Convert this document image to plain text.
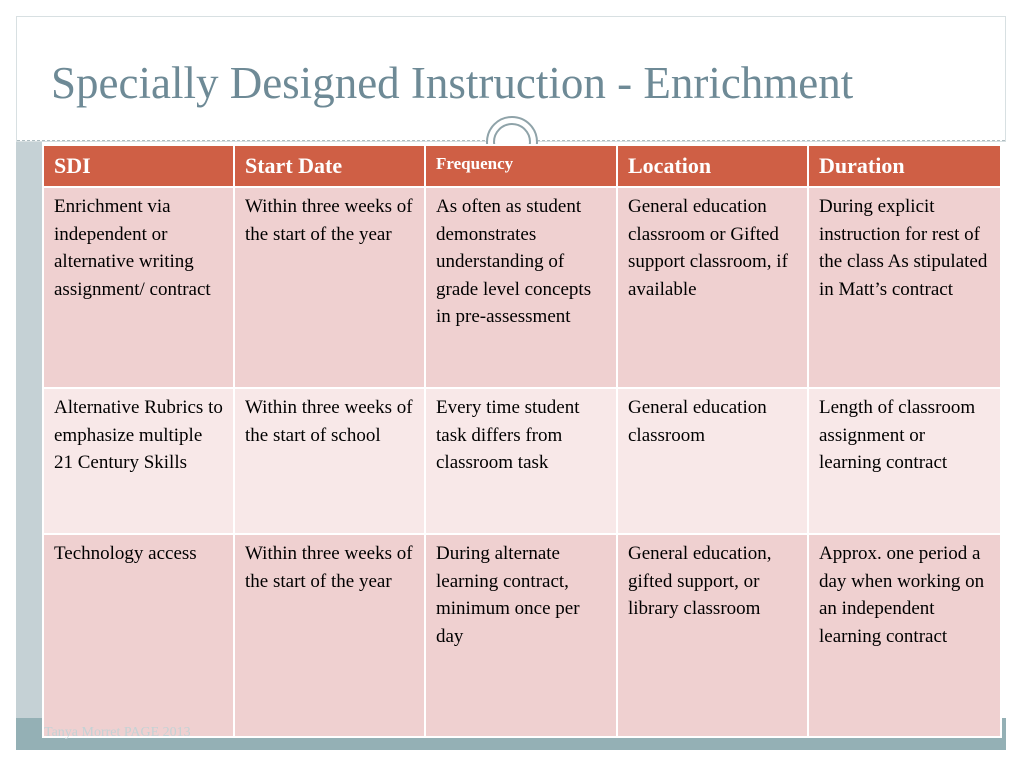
Specially Designed Instruction - Enrichment
SDI	Start Date	Frequency	Location	Duration
Enrichment via independent or alternative writing assignment/ contract	Within three weeks of the start of the year	As often as student demonstrates understanding of grade level concepts in pre-assessment	General education classroom or Gifted support classroom, if available	During explicit instruction for rest of the class As stipulated in Matt’s contract
Alternative Rubrics to emphasize multiple 21 Century Skills	Within three weeks of the start of school	Every time student task differs from classroom task	General education classroom	Length of classroom assignment or learning contract
Technology access	Within three weeks of the start of the year	During alternate learning contract, minimum once per day	General education, gifted support, or library classroom	Approx. one period a day when working on an independent learning contract
Tanya Morret PAGE 2013
